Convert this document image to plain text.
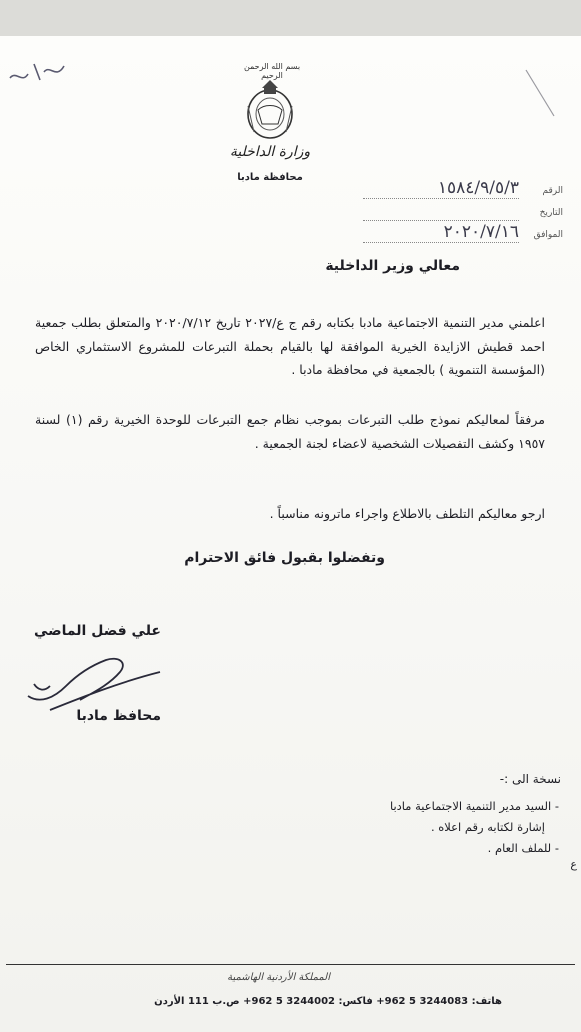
بسم الله الرحمن الرحيم
وزارة الداخلية
محافظة مادبا
الرقم
١٥٨٤/٩/٥/٣
التاريخ
الموافق
٢٠٢٠/٧/١٦
معالي وزير الداخلية
اعلمني مدير التنمية الاجتماعية مادبا بكتابه رقم ج ع/٢٠٢٧ تاريخ ٢٠٢٠/٧/١٢ والمتعلق بطلب جمعية احمد قطيش الازايدة الخيرية الموافقة لها بالقيام بحملة التبرعات للمشروع الاستثماري الخاص (المؤسسة التنموية ) بالجمعية في محافظة مادبا .
مرفقاً لمعاليكم نموذج طلب التبرعات بموجب نظام جمع التبرعات للوحدة الخيرية رقم (١) لسنة ١٩٥٧ وكشف التفصيلات الشخصية لاعضاء لجنة الجمعية .
ارجو معاليكم التلطف بالاطلاع واجراء ماترونه مناسباً .
وتفضلوا بقبول فائق الاحترام
علي فضل الماضي
محافظ مادبا
نسخة الى :-
- السيد مدير التنمية الاجتماعية مادبا
إشارة لكتابه رقم اعلاه .
- للملف العام .
ع
المملكة الأردنية الهاشمية
هاتف: 3244083 5 962+ فاكس: 3244002 5 962+ ص.ب 111 الأردن
